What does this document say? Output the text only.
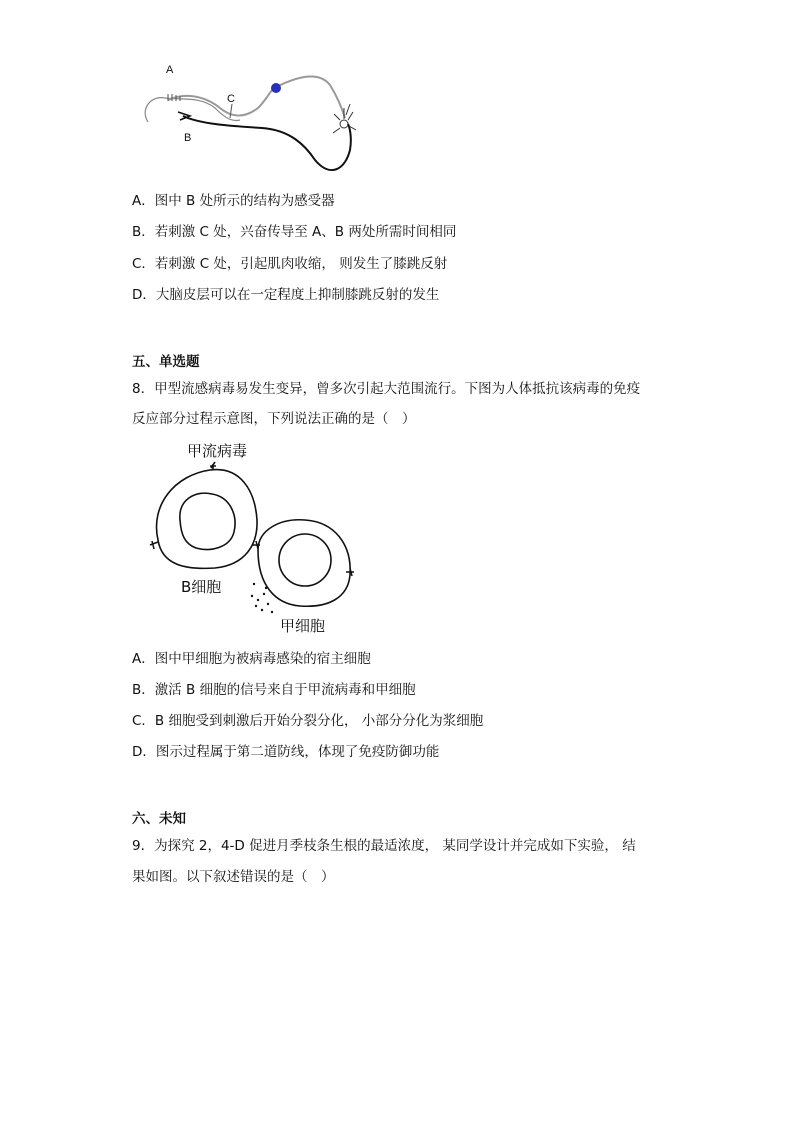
A
C
B
A．图中 B 处所示的结构为感受器
B．若刺激 C 处，兴奋传导至 A、B 两处所需时间相同
C．若刺激 C 处，引起肌肉收缩， 则发生了膝跳反射
D．大脑皮层可以在一定程度上抑制膝跳反射的发生
五、单选题
8．甲型流感病毒易发生变异，曾多次引起大范围流行。下图为人体抵抗该病毒的免疫
反应部分过程示意图，下列说法正确的是（　）
甲流病毒
B细胞
甲细胞
A．图中甲细胞为被病毒感染的宿主细胞
B．激活 B 细胞的信号来自于甲流病毒和甲细胞
C．B 细胞受到刺激后开始分裂分化， 小部分分化为浆细胞
D．图示过程属于第二道防线，体现了免疫防御功能
六、未知
9．为探究 2，4-D 促进月季枝条生根的最适浓度， 某同学设计并完成如下实验， 结
果如图。以下叙述错误的是（　）
